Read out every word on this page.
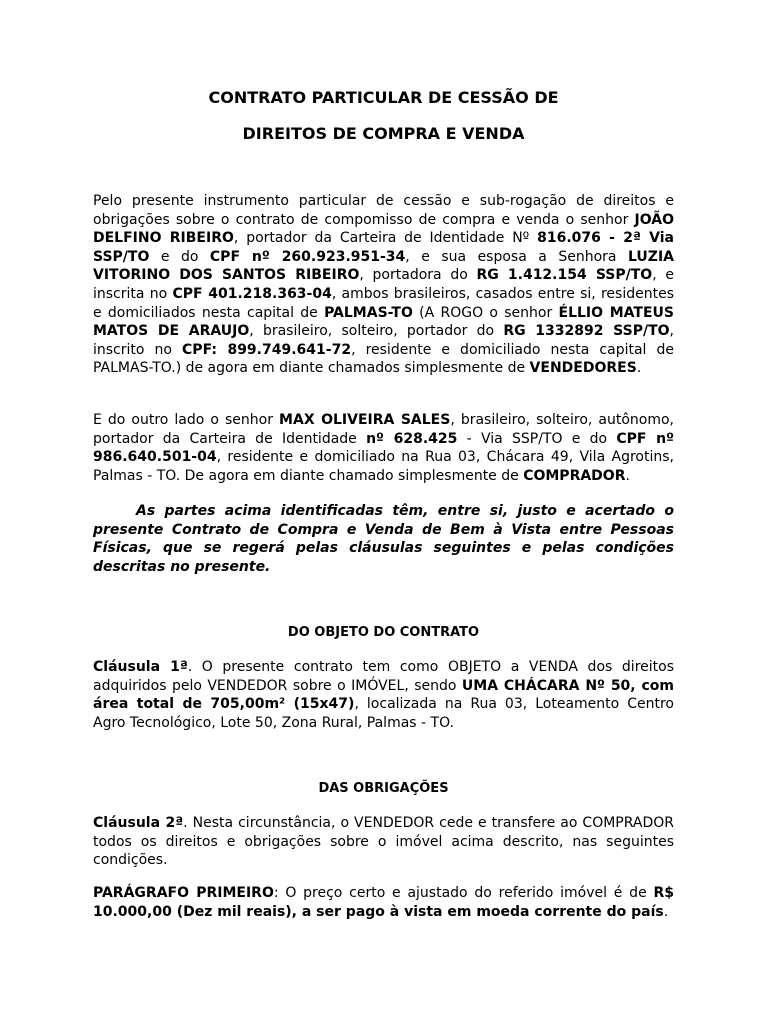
CONTRATO PARTICULAR DE CESSÃO DE
DIREITOS DE COMPRA E VENDA

Pelo presente instrumento particular de cessão e sub-rogação de direitos e obrigações sobre o contrato de compomisso de compra e venda o senhor JOÃO DELFINO RIBEIRO, portador da Carteira de Identidade Nº 816.076 - 2ª Via SSP/TO e do CPF nº 260.923.951-34, e sua esposa a Senhora LUZIA VITORINO DOS SANTOS RIBEIRO, portadora do RG 1.412.154 SSP/TO, e inscrita no CPF 401.218.363-04, ambos brasileiros, casados entre si, residentes e domiciliados nesta capital de PALMAS-TO (A ROGO o senhor ÉLLIO MATEUS MATOS DE ARAUJO, brasileiro, solteiro, portador do RG 1332892 SSP/TO, inscrito no CPF: 899.749.641-72, residente e domiciliado nesta capital de PALMAS-TO.) de agora em diante chamados simplesmente de VENDEDORES.

E do outro lado o senhor MAX OLIVEIRA SALES, brasileiro, solteiro, autônomo, portador da Carteira de Identidade nº 628.425 - Via SSP/TO e do CPF nº 986.640.501-04, residente e domiciliado na Rua 03, Chácara 49, Vila Agrotins, Palmas - TO. De agora em diante chamado simplesmente de COMPRADOR.

As partes acima identificadas têm, entre si, justo e acertado o presente Contrato de Compra e Venda de Bem à Vista entre Pessoas Físicas, que se regerá pelas cláusulas seguintes e pelas condições descritas no presente.

DO OBJETO DO CONTRATO

Cláusula 1ª. O presente contrato tem como OBJETO a VENDA dos direitos adquiridos pelo VENDEDOR sobre o IMÓVEL, sendo UMA CHÁCARA Nº 50, com área total de 705,00m² (15x47), localizada na Rua 03, Loteamento Centro Agro Tecnológico, Lote 50, Zona Rural, Palmas - TO.

DAS OBRIGAÇÕES

Cláusula 2ª. Nesta circunstância, o VENDEDOR cede e transfere ao COMPRADOR todos os direitos e obrigações sobre o imóvel acima descrito, nas seguintes condições.

PARÁGRAFO PRIMEIRO: O preço certo e ajustado do referido imóvel é de R$ 10.000,00 (Dez mil reais), a ser pago à vista em moeda corrente do país.
